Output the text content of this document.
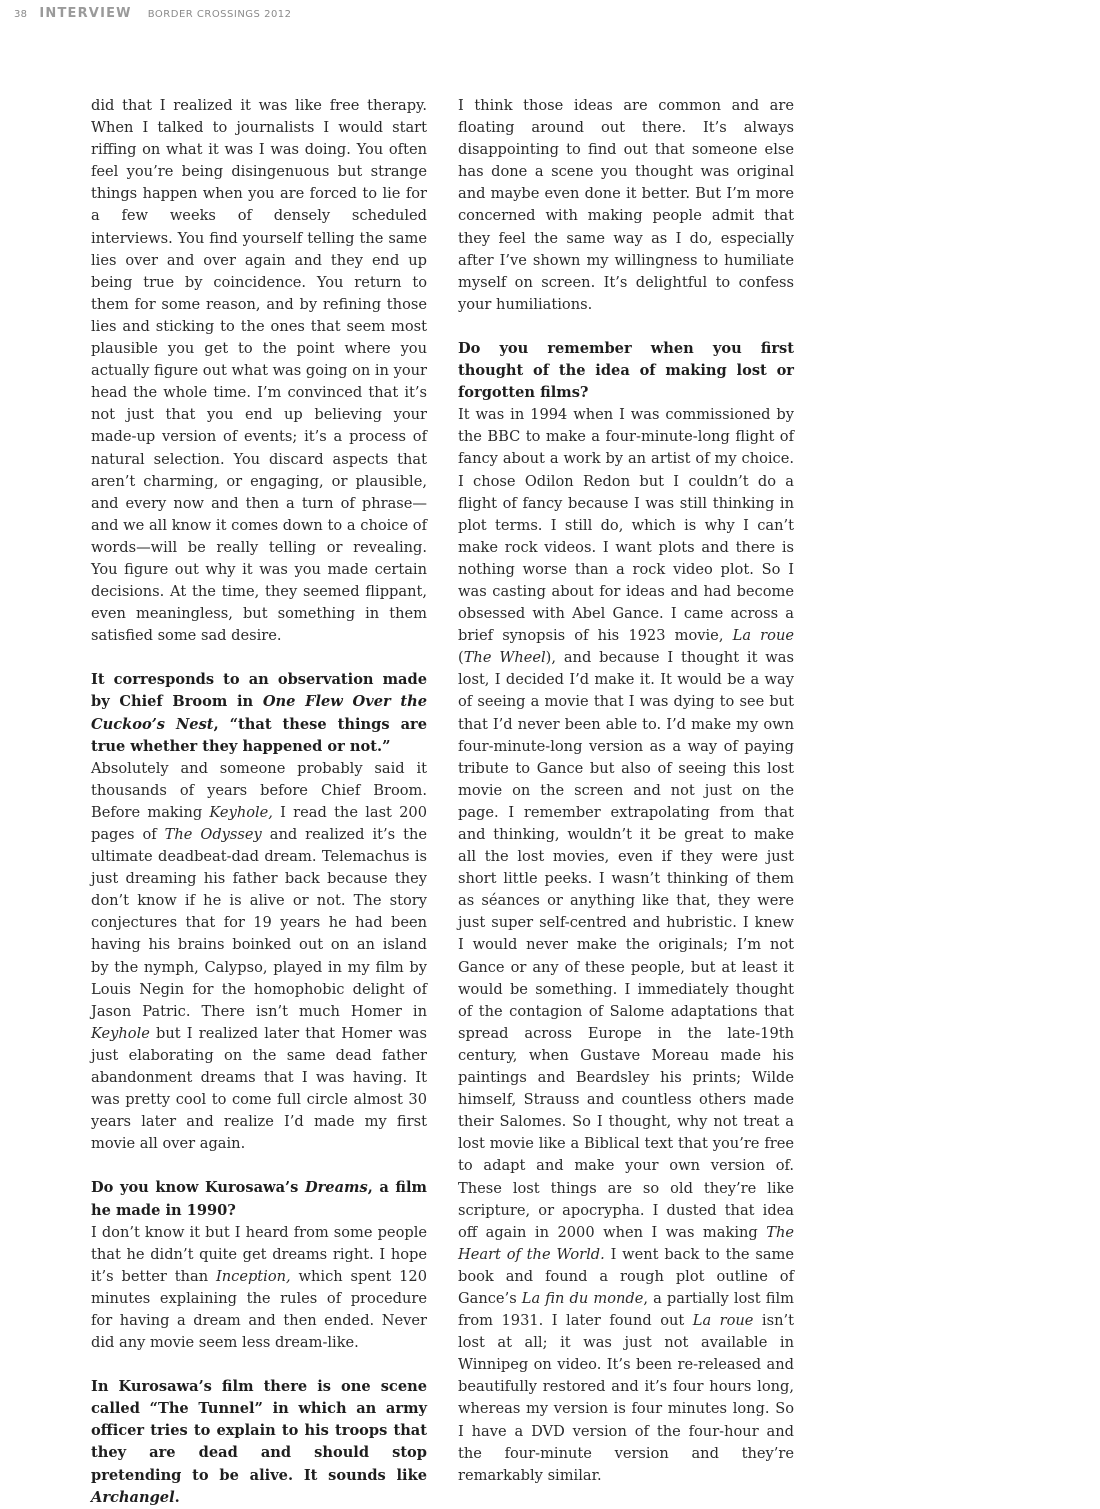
38 INTERVIEW BORDER CROSSINGS 2012

did that I realized it was like free therapy. When I talked to journalists I would start riffing on what it was I was doing. You often feel you’re being disingenuous but strange things happen when you are forced to lie for a few weeks of densely scheduled interviews. You find yourself telling the same lies over and over again and they end up being true by coincidence. You return to them for some reason, and by refining those lies and sticking to the ones that seem most plausible you get to the point where you actually figure out what was going on in your head the whole time. I’m convinced that it’s not just that you end up believing your made-up version of events; it’s a process of natural selection. You discard aspects that aren’t charming, or engaging, or plausible, and every now and then a turn of phrase—and we all know it comes down to a choice of words—will be really telling or revealing. You figure out why it was you made certain decisions. At the time, they seemed flippant, even meaningless, but something in them satisfied some sad desire.

It corresponds to an observation made by Chief Broom in One Flew Over the Cuckoo’s Nest, “that these things are true whether they happened or not.”

Absolutely and someone probably said it thousands of years before Chief Broom. Before making Keyhole, I read the last 200 pages of The Odyssey and realized it’s the ultimate deadbeat-dad dream. Telemachus is just dreaming his father back because they don’t know if he is alive or not. The story conjectures that for 19 years he had been having his brains boinked out on an island by the nymph, Calypso, played in my film by Louis Negin for the homophobic delight of Jason Patric. There isn’t much Homer in Keyhole but I realized later that Homer was just elaborating on the same dead father abandonment dreams that I was having. It was pretty cool to come full circle almost 30 years later and realize I’d made my first movie all over again.

Do you know Kurosawa’s Dreams, a film he made in 1990?

I don’t know it but I heard from some people that he didn’t quite get dreams right. I hope it’s better than Inception, which spent 120 minutes explaining the rules of procedure for having a dream and then ended. Never did any movie seem less dream-like.

In Kurosawa’s film there is one scene called “The Tunnel” in which an army officer tries to explain to his troops that they are dead and should stop pretending to be alive. It sounds like Archangel.

I think those ideas are common and are floating around out there. It’s always disappointing to find out that someone else has done a scene you thought was original and maybe even done it better. But I’m more concerned with making people admit that they feel the same way as I do, especially after I’ve shown my willingness to humiliate myself on screen. It’s delightful to confess your humiliations.

Do you remember when you first thought of the idea of making lost or forgotten films?

It was in 1994 when I was commissioned by the BBC to make a four-minute-long flight of fancy about a work by an artist of my choice. I chose Odilon Redon but I couldn’t do a flight of fancy because I was still thinking in plot terms. I still do, which is why I can’t make rock videos. I want plots and there is nothing worse than a rock video plot. So I was casting about for ideas and had become obsessed with Abel Gance. I came across a brief synopsis of his 1923 movie, La roue (The Wheel), and because I thought it was lost, I decided I’d make it. It would be a way of seeing a movie that I was dying to see but that I’d never been able to. I’d make my own four-minute-long version as a way of paying tribute to Gance but also of seeing this lost movie on the screen and not just on the page. I remember extrapolating from that and thinking, wouldn’t it be great to make all the lost movies, even if they were just short little peeks. I wasn’t thinking of them as séances or anything like that, they were just super self-centred and hubristic. I knew I would never make the originals; I’m not Gance or any of these people, but at least it would be something. I immediately thought of the contagion of Salome adaptations that spread across Europe in the late-19th century, when Gustave Moreau made his paintings and Beardsley his prints; Wilde himself, Strauss and countless others made their Salomes. So I thought, why not treat a lost movie like a Biblical text that you’re free to adapt and make your own version of. These lost things are so old they’re like scripture, or apocrypha. I dusted that idea off again in 2000 when I was making The Heart of the World. I went back to the same book and found a rough plot outline of Gance’s La fin du monde, a partially lost film from 1931. I later found out La roue isn’t lost at all; it was just not available in Winnipeg on video. It’s been re-released and beautifully restored and it’s four hours long, whereas my version is four minutes long. So I have a DVD version of the four-hour and the four-minute version and they’re remarkably similar.
